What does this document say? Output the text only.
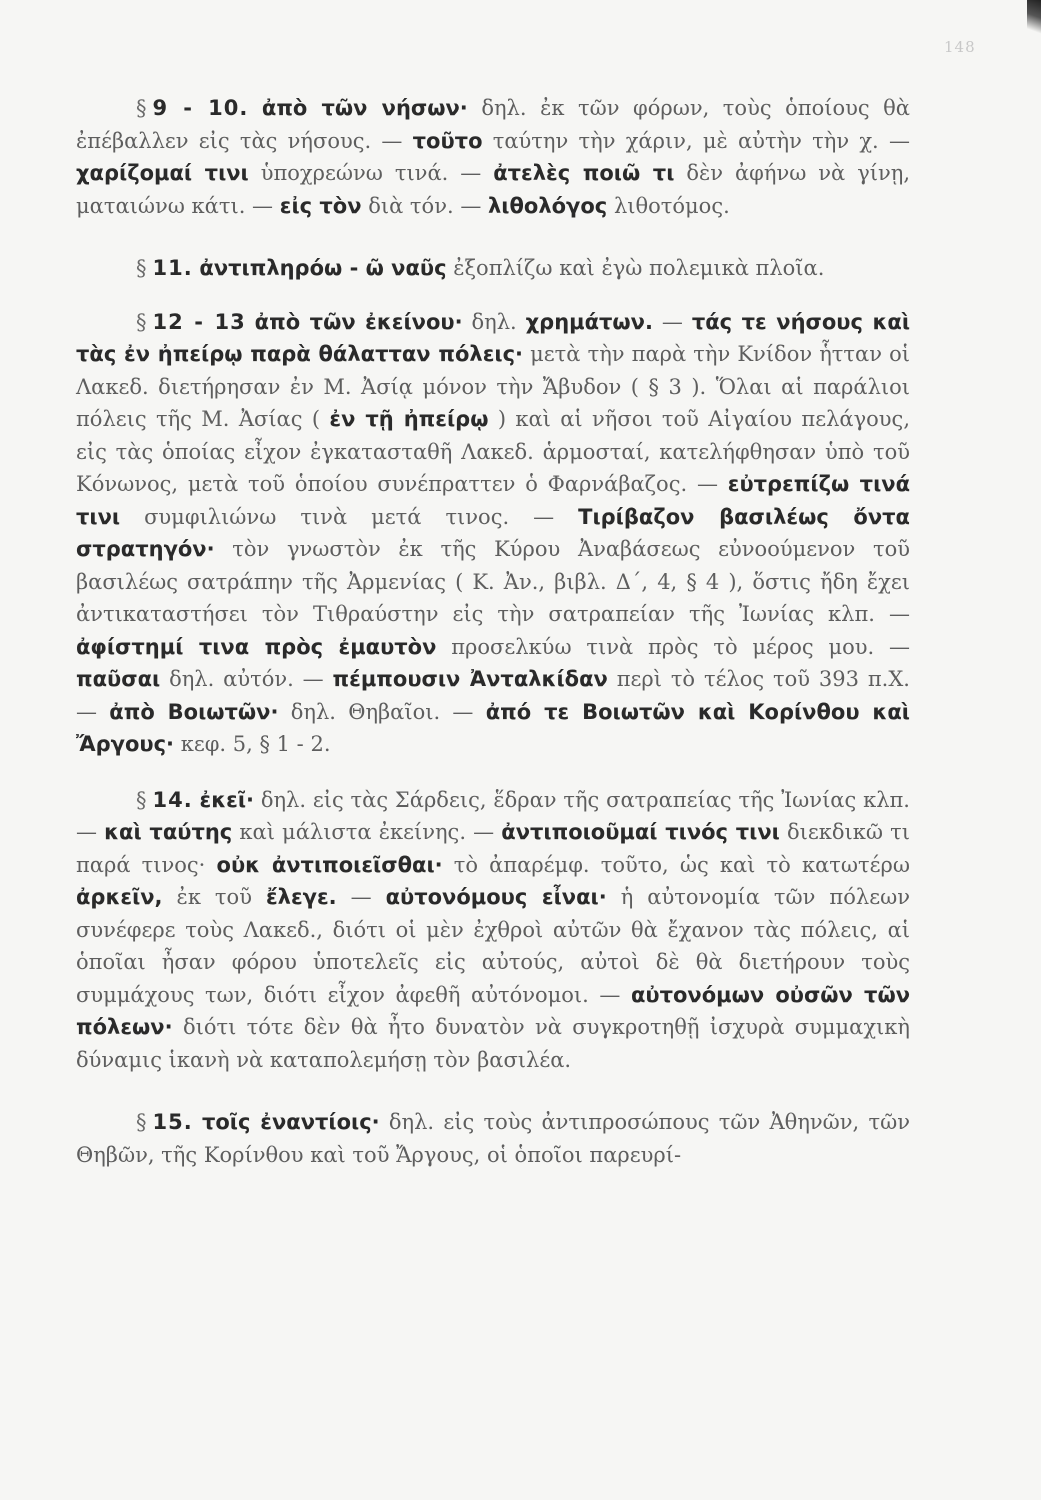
148

§ 9 - 10. ἀπὸ τῶν νήσων· δηλ. ἐκ τῶν φόρων, τοὺς ὁποίους θὰ ἐπέβαλλεν εἰς τὰς νήσους. — τοῦτο ταύτην τὴν χάριν, μὲ αὐτὴν τὴν χ. — χαρίζομαί τινι ὑποχρεώνω τινά. — ἀτελὲς ποιῶ τι δὲν ἀφήνω νὰ γίνῃ, ματαιώνω κάτι. — εἰς τὸν διὰ τόν. — λιθολόγος λιθοτόμος.

§ 11. ἀντιπληρόω - ῶ ναῦς ἐξοπλίζω καὶ ἐγὼ πολεμικὰ πλοῖα.

§ 12 - 13 ἀπὸ τῶν ἐκείνου· δηλ. χρημάτων. — τάς τε νήσους καὶ τὰς ἐν ἠπείρῳ παρὰ θάλατταν πόλεις· μετὰ τὴν παρὰ τὴν Κνίδον ἧτταν οἱ Λακεδ. διετήρησαν ἐν Μ. Ἀσίᾳ μόνον τὴν Ἄβυδον ( § 3 ). Ὅλαι αἱ παράλιοι πόλεις τῆς Μ. Ἀσίας ( ἐν τῇ ἠπείρῳ ) καὶ αἱ νῆσοι τοῦ Αἰγαίου πελάγους, εἰς τὰς ὁποίας εἶχον ἐγκατασταθῆ Λακεδ. ἁρμοσταί, κατελήφθησαν ὑπὸ τοῦ Κόνωνος, μετὰ τοῦ ὁποίου συνέπραττεν ὁ Φαρνάβαζος. — εὐτρεπίζω τινά τινι συμφιλιώνω τινὰ μετά τινος. — Τιρίβαζον βασιλέως ὄντα στρατηγόν· τὸν γνωστὸν ἐκ τῆς Κύρου Ἀναβάσεως εὐνοούμενον τοῦ βασιλέως σατράπην τῆς Ἀρμενίας ( Κ. Ἀν., βιβλ. Δ΄, 4, § 4 ), ὅστις ἤδη ἔχει ἀντικαταστήσει τὸν Τιθραύστην εἰς τὴν σατραπείαν τῆς Ἰωνίας κλπ. — ἀφίστημί τινα πρὸς ἐμαυτὸν προσελκύω τινὰ πρὸς τὸ μέρος μου. — παῦσαι δηλ. αὐτόν. — πέμπουσιν Ἀνταλκίδαν περὶ τὸ τέλος τοῦ 393 π.Χ. — ἀπὸ Βοιωτῶν· δηλ. Θηβαῖοι. — ἀπό τε Βοιωτῶν καὶ Κορίνθου καὶ Ἄργους· κεφ. 5, § 1 - 2.

§ 14. ἐκεῖ· δηλ. εἰς τὰς Σάρδεις, ἕδραν τῆς σατραπείας τῆς Ἰωνίας κλπ. — καὶ ταύτης καὶ μάλιστα ἐκείνης. — ἀντιποιοῦμαί τινός τινι διεκδικῶ τι παρά τινος· οὐκ ἀντιποιεῖσθαι· τὸ ἀπαρέμφ. τοῦτο, ὡς καὶ τὸ κατωτέρω ἀρκεῖν, ἐκ τοῦ ἔλεγε. — αὐτονόμους εἶναι· ἡ αὐτονομία τῶν πόλεων συνέφερε τοὺς Λακεδ., διότι οἱ μὲν ἐχθροὶ αὐτῶν θὰ ἔχανον τὰς πόλεις, αἱ ὁποῖαι ἦσαν φόρου ὑποτελεῖς εἰς αὐτούς, αὐτοὶ δὲ θὰ διετήρουν τοὺς συμμάχους των, διότι εἶχον ἀφεθῆ αὐτόνομοι. — αὐτονόμων οὐσῶν τῶν πόλεων· διότι τότε δὲν θὰ ἦτο δυνατὸν νὰ συγκροτηθῇ ἰσχυρὰ συμμαχικὴ δύναμις ἱκανὴ νὰ καταπολεμήσῃ τὸν βασιλέα.

§ 15. τοῖς ἐναντίοις· δηλ. εἰς τοὺς ἀντιπροσώπους τῶν Ἀθηνῶν, τῶν Θηβῶν, τῆς Κορίνθου καὶ τοῦ Ἄργους, οἱ ὁποῖοι παρευρί-
